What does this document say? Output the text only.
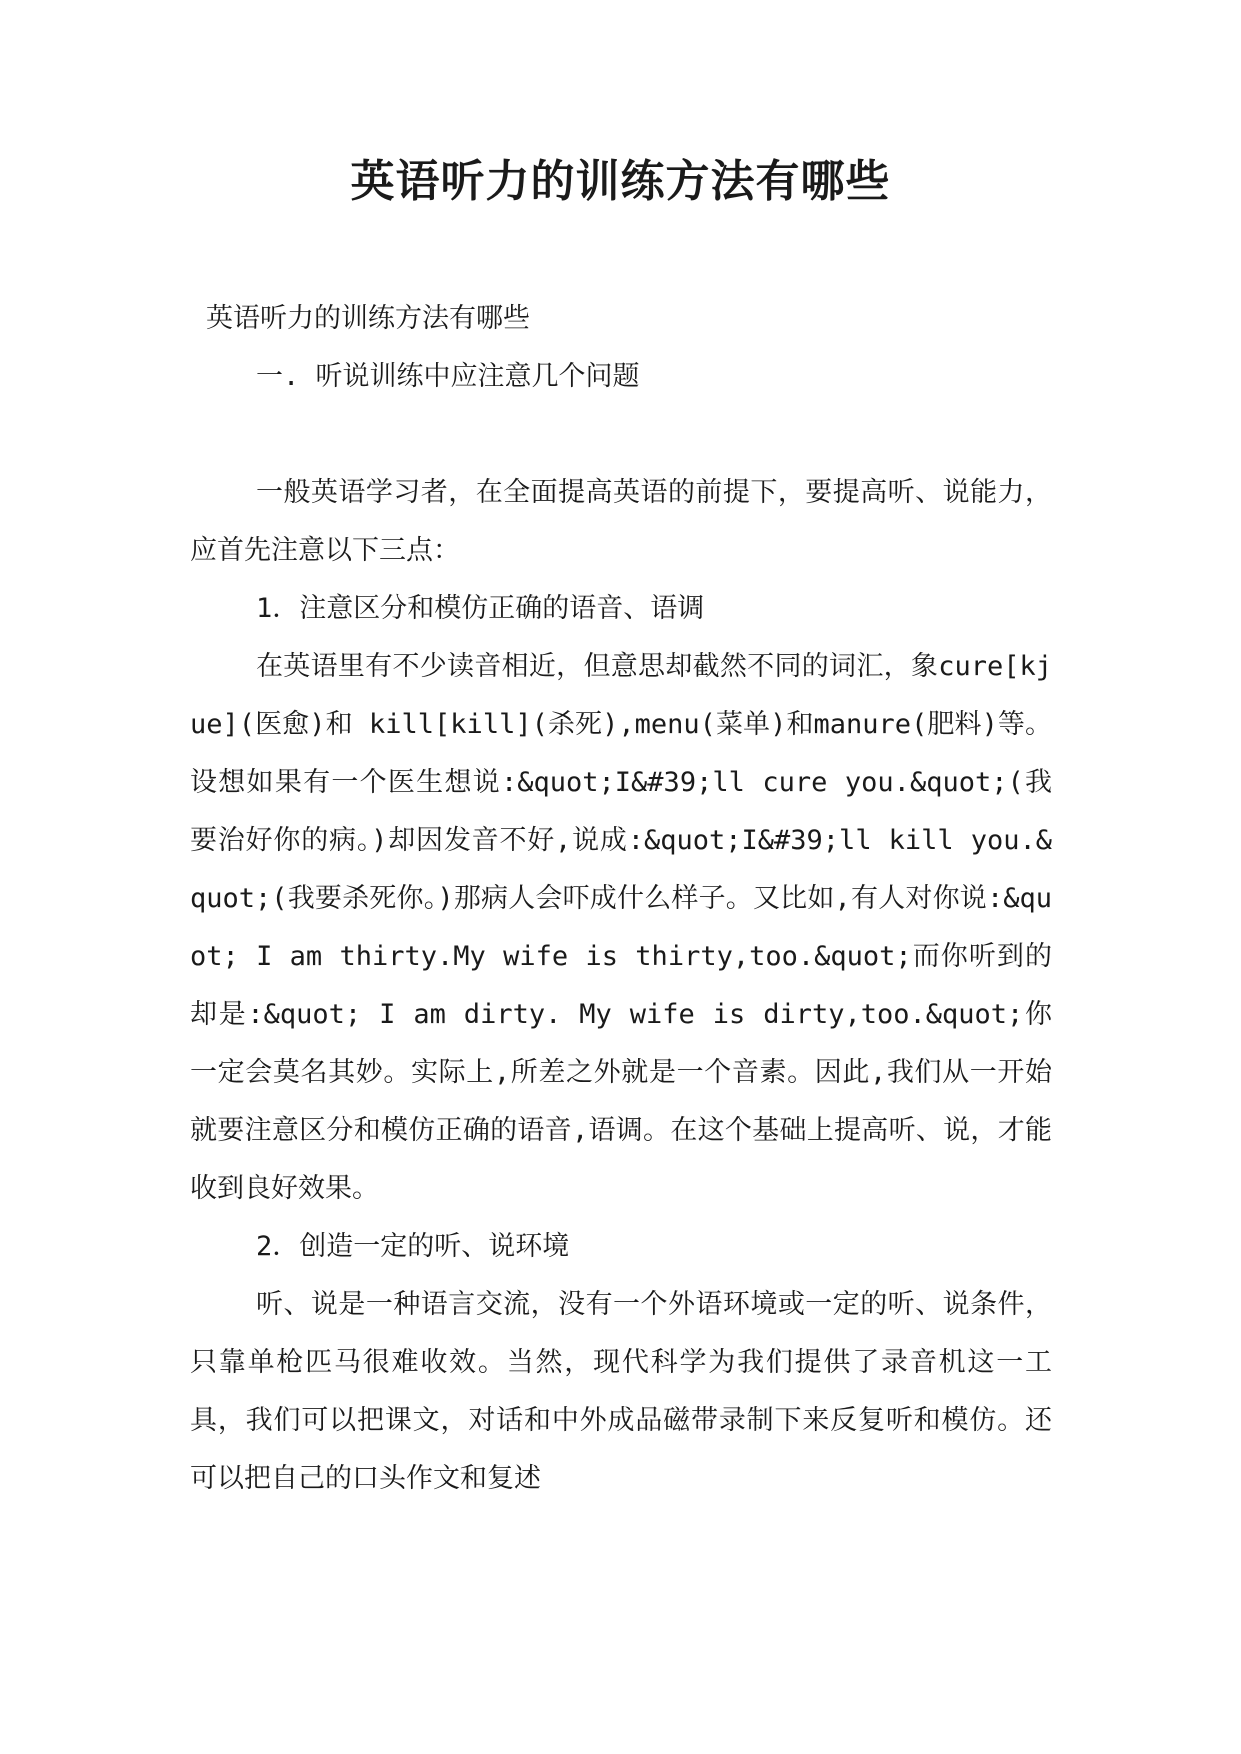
英语听力的训练方法有哪些

英语听力的训练方法有哪些

一. 听说训练中应注意几个问题

一般英语学习者，在全面提高英语的前提下，要提高听、说能力，应首先注意以下三点：

1．注意区分和模仿正确的语音、语调

在英语里有不少读音相近，但意思却截然不同的词汇，象cure[kjue](医愈)和 kill[kill](杀死),menu(菜单)和manure(肥料)等。设想如果有一个医生想说:&quot;I&#39;ll cure you.&quot;(我要治好你的病。)却因发音不好,说成:&quot;I&#39;ll kill you.&quot;(我要杀死你。)那病人会吓成什么样子。又比如,有人对你说:&quot; I am thirty.My wife is thirty,too.&quot;而你听到的却是:&quot; I am dirty. My wife is dirty,too.&quot;你一定会莫名其妙。实际上,所差之外就是一个音素。因此,我们从一开始就要注意区分和模仿正确的语音,语调。在这个基础上提高听、说，才能收到良好效果。

2．创造一定的听、说环境

听、说是一种语言交流，没有一个外语环境或一定的听、说条件，只靠单枪匹马很难收效。当然，现代科学为我们提供了录音机这一工具，我们可以把课文，对话和中外成品磁带录制下来反复听和模仿。还可以把自己的口头作文和复述
